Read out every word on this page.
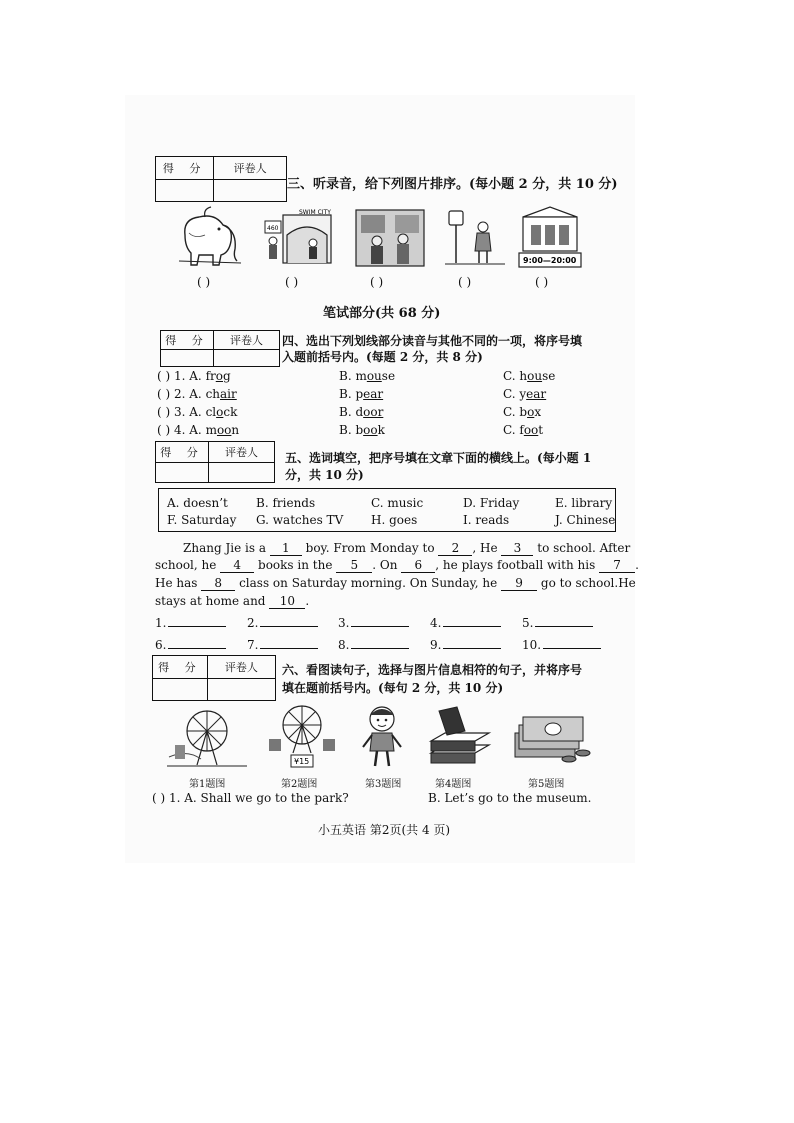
得 分	评卷人
三、听录音，给下列图片排序。(每小题 2 分，共 10 分)
SWIM CITY
460
9:00—20:00
( )	( )	( )	( )	( )
笔试部分(共 68 分)
得 分	评卷人	四、选出下列划线部分读音与其他不同的一项，将序号填
入题前括号内。(每题 2 分，共 8 分)
( ) 1. A. frog	B. mouse	C. house
( ) 2. A. chair	B. pear	C. year
( ) 3. A. clock	B. door	C. box
( ) 4. A. moon	B. book	C. foot
得 分	评卷人	五、选词填空，把序号填在文章下面的横线上。(每小题 1
分，共 10 分)
A. doesn’t B. friends	C. music	D. Friday	E. library
F. Saturday G. watches TV H. goes	I. reads	J. Chinese
Zhang Jie is a 1 boy. From Monday to 2 , He 3 to school. After
school, he 4 books in the 5 . On 6 , he plays football with his 7 .
He has 8 class on Saturday morning. On Sunday, he 9 go to school.He
stays at home and 10 .
1.	2.	3.	4.	5.
6.	7.	8.	9.	10.
得 分	评卷人	六、看图读句子，选择与图片信息相符的句子，并将序号
填在题前括号内。(每句 2 分，共 10 分)
¥15
第1题图	第2题图	第3题图	第4题图	第5题图
( ) 1. A. Shall we go to the park?	B. Let’s go to the museum.
小五英语 第2页(共 4 页)
